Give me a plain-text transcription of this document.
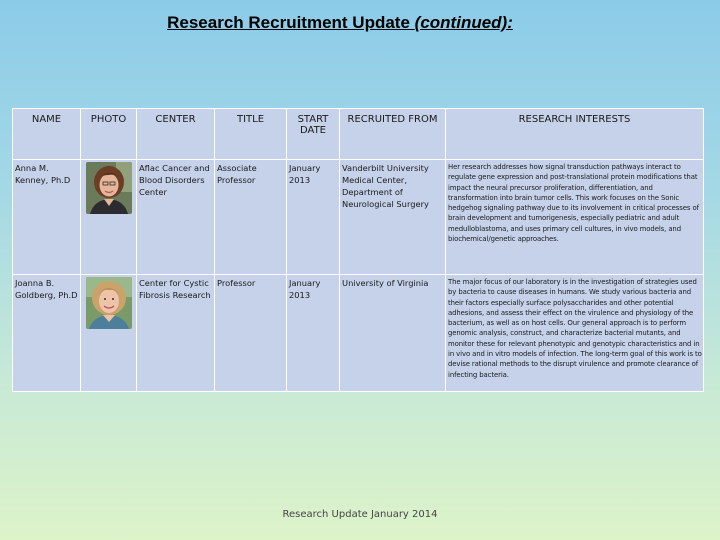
Research Recruitment Update (continued):
NAME	PHOTO	CENTER	TITLE	START DATE	RECRUITED FROM	RESEARCH INTERESTS
Anna M. Kenney, Ph.D		Aflac Cancer and Blood Disorders Center	Associate Professor	January 2013	Vanderbilt University Medical Center, Department of Neurological Surgery	Her research addresses how signal transduction pathways interact to regulate gene expression and post-translational protein modifications that impact the neural precursor proliferation, differentiation, and transformation into brain tumor cells. This work focuses on the Sonic hedgehog signaling pathway due to its involvement in critical processes of brain development and tumorigenesis, especially pediatric and adult medulloblastoma, and uses primary cell cultures, in vivo models, and biochemical/genetic approaches.
Joanna B. Goldberg, Ph.D		Center for Cystic Fibrosis Research	Professor	January 2013	University of Virginia	The major focus of our laboratory is in the investigation of strategies used by bacteria to cause diseases in humans. We study various bacteria and their factors especially surface polysaccharides and other potential adhesions, and assess their effect on the virulence and physiology of the bacterium, as well as on host cells. Our general approach is to perform genomic analysis, construct, and characterize bacterial mutants, and monitor these for relevant phenotypic and genotypic characteristics and in in vivo and in vitro models of infection. The long-term goal of this work is to devise rational methods to the disrupt virulence and promote clearance of infecting bacteria.
Research Update January 2014
